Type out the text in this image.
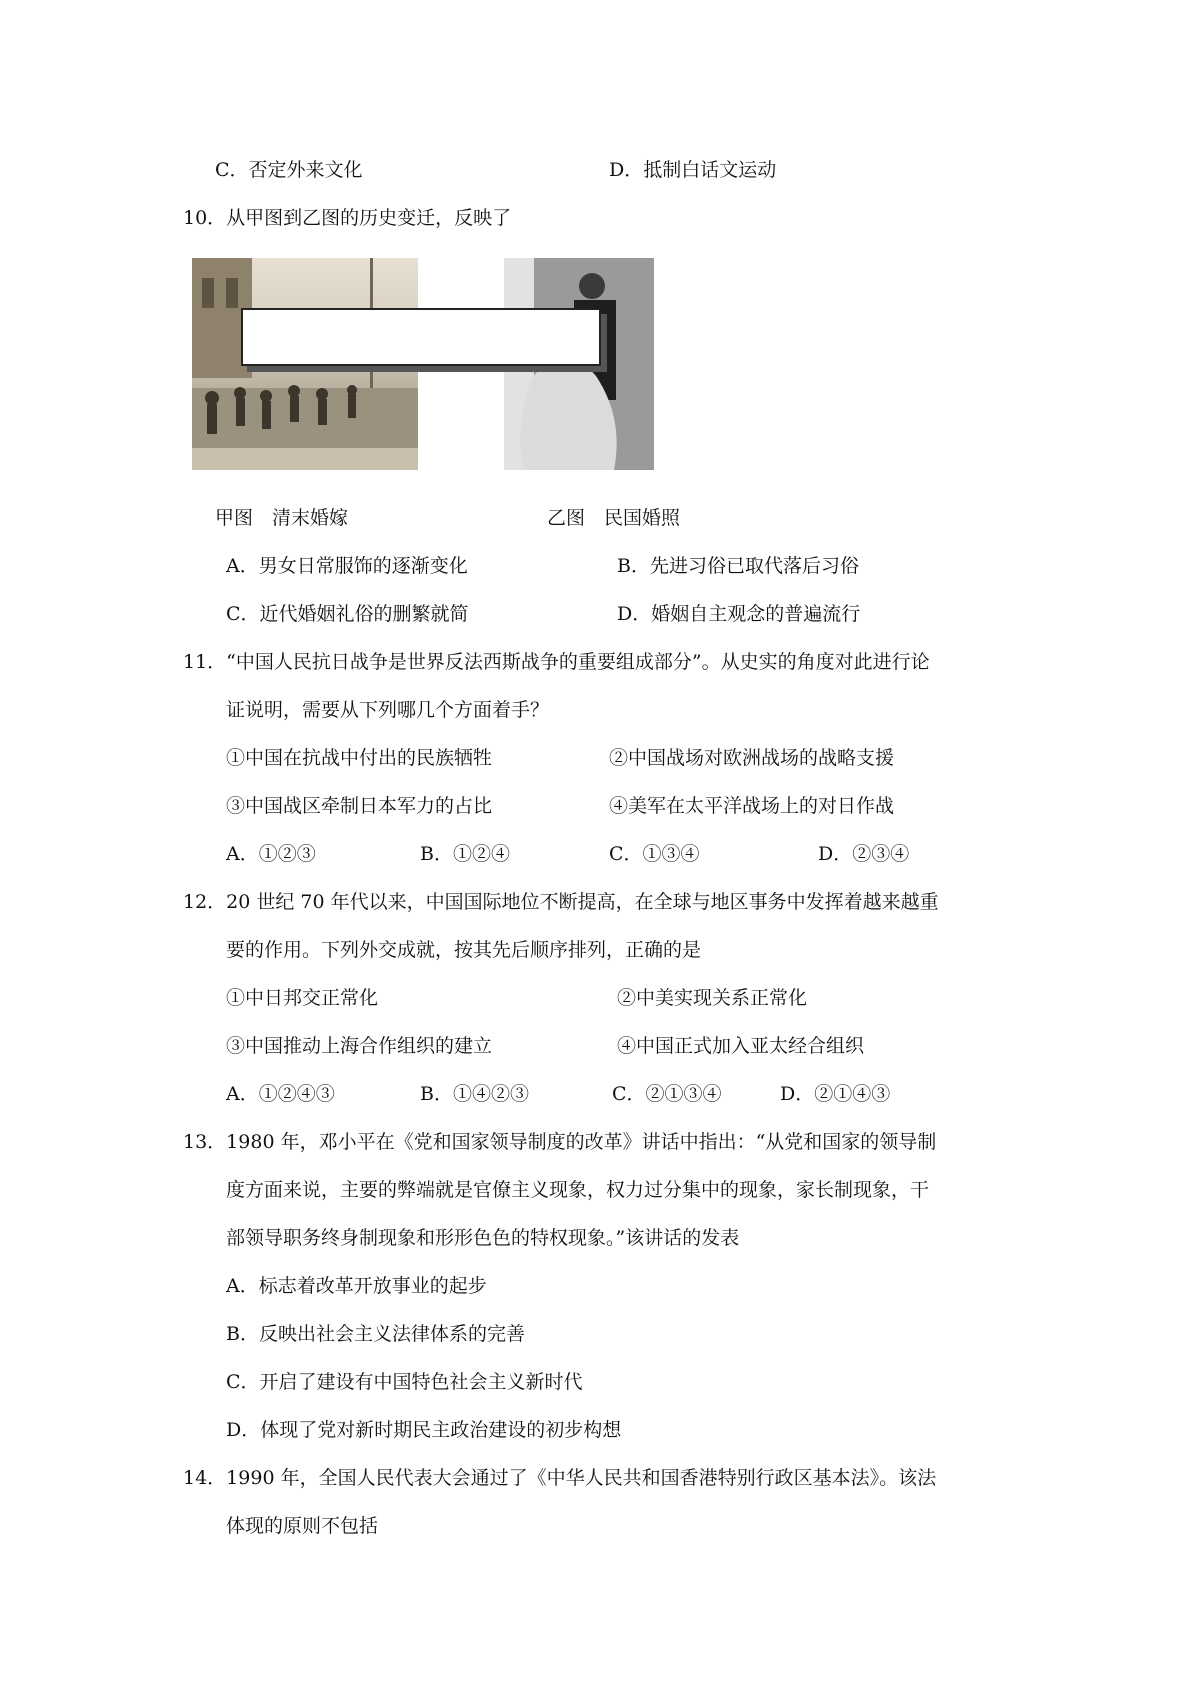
C．否定外来文化	D．抵制白话文运动
10．从甲图到乙图的历史变迁，反映了
甲图　清末婚嫁	乙图　民国婚照
A．男女日常服饰的逐渐变化	B．先进习俗已取代落后习俗
C．近代婚姻礼俗的删繁就简	D．婚姻自主观念的普遍流行
11．“中国人民抗日战争是世界反法西斯战争的重要组成部分”。从史实的角度对此进行论
证说明，需要从下列哪几个方面着手？
①中国在抗战中付出的民族牺牲	②中国战场对欧洲战场的战略支援
③中国战区牵制日本军力的占比	④美军在太平洋战场上的对日作战
A．①②③	B．①②④	C．①③④	D．②③④
12．20 世纪 70 年代以来，中国国际地位不断提高，在全球与地区事务中发挥着越来越重
要的作用。下列外交成就，按其先后顺序排列，正确的是
①中日邦交正常化	②中美实现关系正常化
③中国推动上海合作组织的建立	④中国正式加入亚太经合组织
A．①②④③	B．①④②③	C．②①③④	D．②①④③
13．1980 年，邓小平在《党和国家领导制度的改革》讲话中指出：“从党和国家的领导制
度方面来说，主要的弊端就是官僚主义现象，权力过分集中的现象，家长制现象，干
部领导职务终身制现象和形形色色的特权现象。”该讲话的发表
A．标志着改革开放事业的起步
B．反映出社会主义法律体系的完善
C．开启了建设有中国特色社会主义新时代
D．体现了党对新时期民主政治建设的初步构想
14．1990 年，全国人民代表大会通过了《中华人民共和国香港特别行政区基本法》。该法
体现的原则不包括
